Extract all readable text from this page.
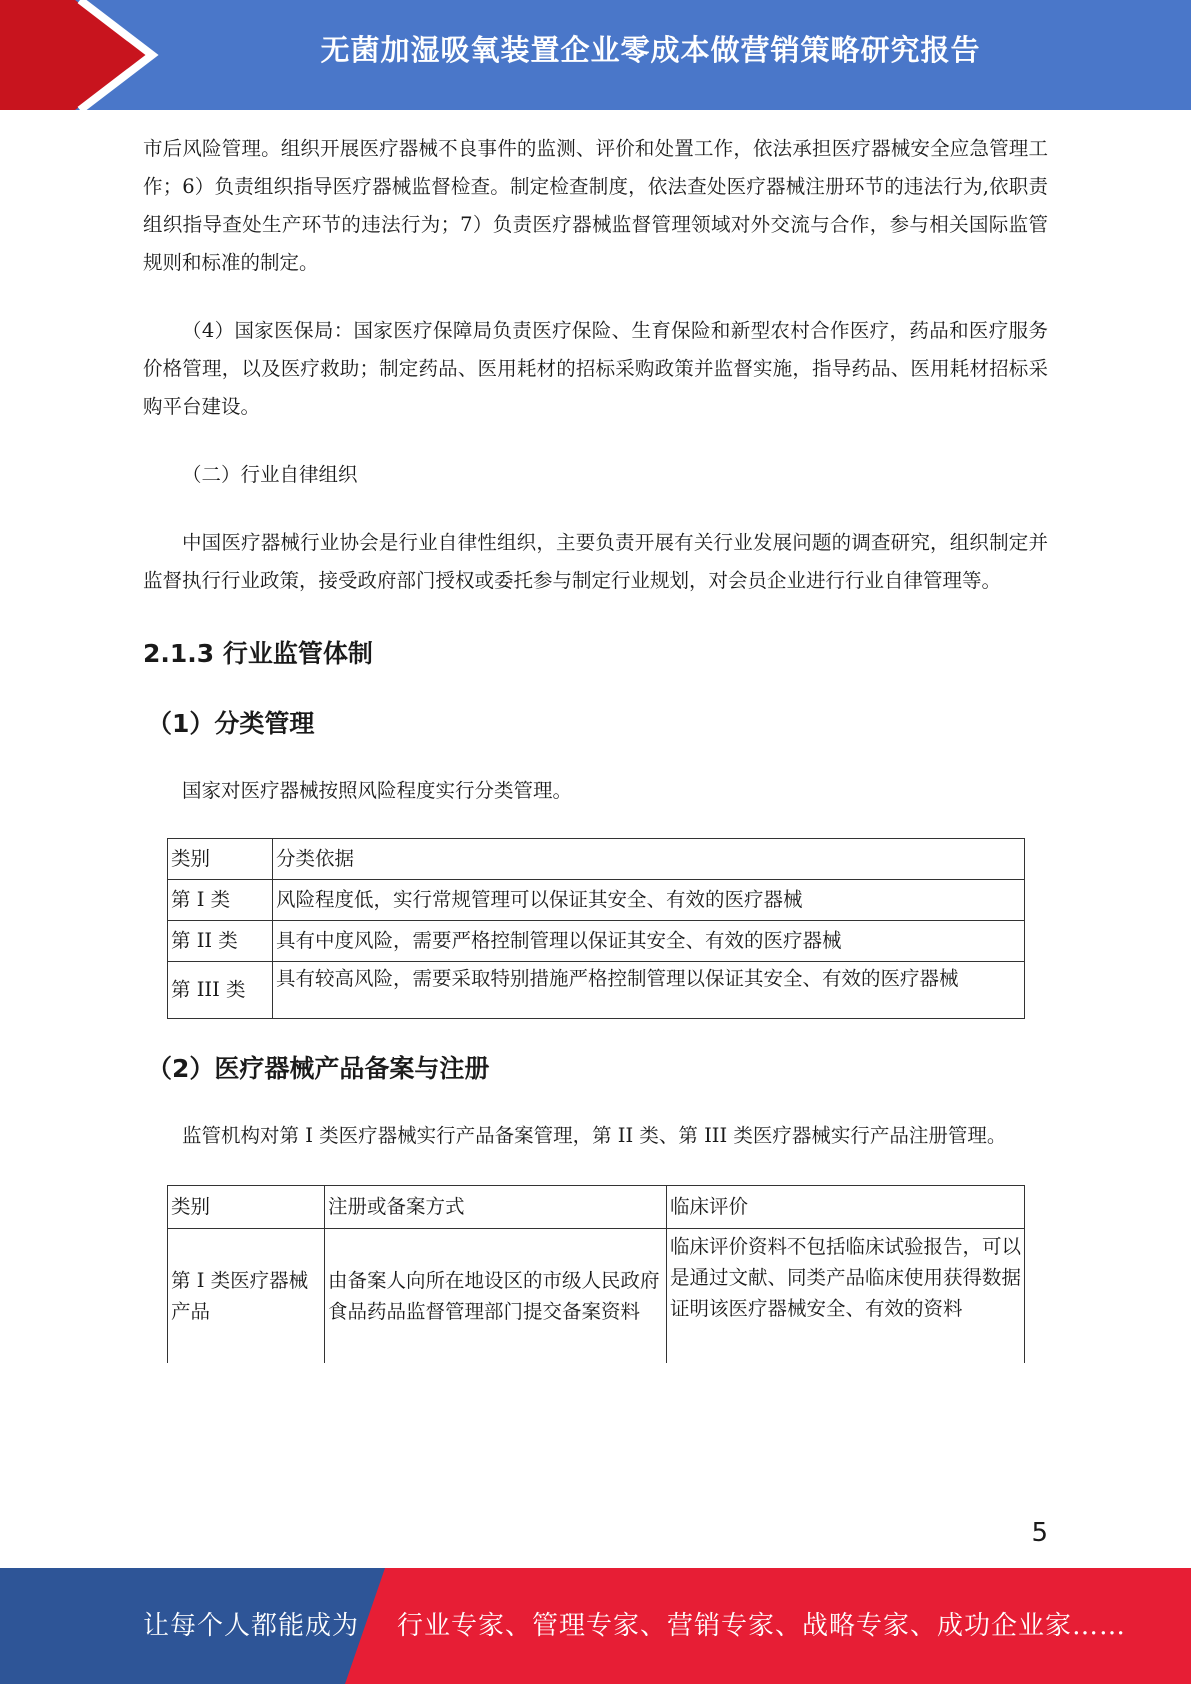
无菌加湿吸氧装置企业零成本做营销策略研究报告

市后风险管理。组织开展医疗器械不良事件的监测、评价和处置工作，依法承担医疗器械安全应急管理工作；6）负责组织指导医疗器械监督检查。制定检查制度，依法查处医疗器械注册环节的违法行为,依职责组织指导查处生产环节的违法行为；7）负责医疗器械监督管理领域对外交流与合作，参与相关国际监管规则和标准的制定。

（4）国家医保局：国家医疗保障局负责医疗保险、生育保险和新型农村合作医疗，药品和医疗服务价格管理，以及医疗救助；制定药品、医用耗材的招标采购政策并监督实施，指导药品、医用耗材招标采购平台建设。

（二）行业自律组织

中国医疗器械行业协会是行业自律性组织，主要负责开展有关行业发展问题的调查研究，组织制定并监督执行行业政策，接受政府部门授权或委托参与制定行业规划，对会员企业进行行业自律管理等。

2.1.3 行业监管体制
（1）分类管理

国家对医疗器械按照风险程度实行分类管理。

类别	分类依据
第 I 类	风险程度低，实行常规管理可以保证其安全、有效的医疗器械
第 II 类	具有中度风险，需要严格控制管理以保证其安全、有效的医疗器械
第 III 类	具有较高风险，需要采取特别措施严格控制管理以保证其安全、有效的医疗器械
（2）医疗器械产品备案与注册

监管机构对第 I 类医疗器械实行产品备案管理，第 II 类、第 III 类医疗器械实行产品注册管理。

类别	注册或备案方式	临床评价
第 I 类医疗器械产品	由备案人向所在地设区的市级人民政府食品药品监督管理部门提交备案资料	临床评价资料不包括临床试验报告，可以是通过文献、同类产品临床使用获得数据证明该医疗器械安全、有效的资料
5
让每个人都能成为 行业专家、管理专家、营销专家、战略专家、成功企业家……
